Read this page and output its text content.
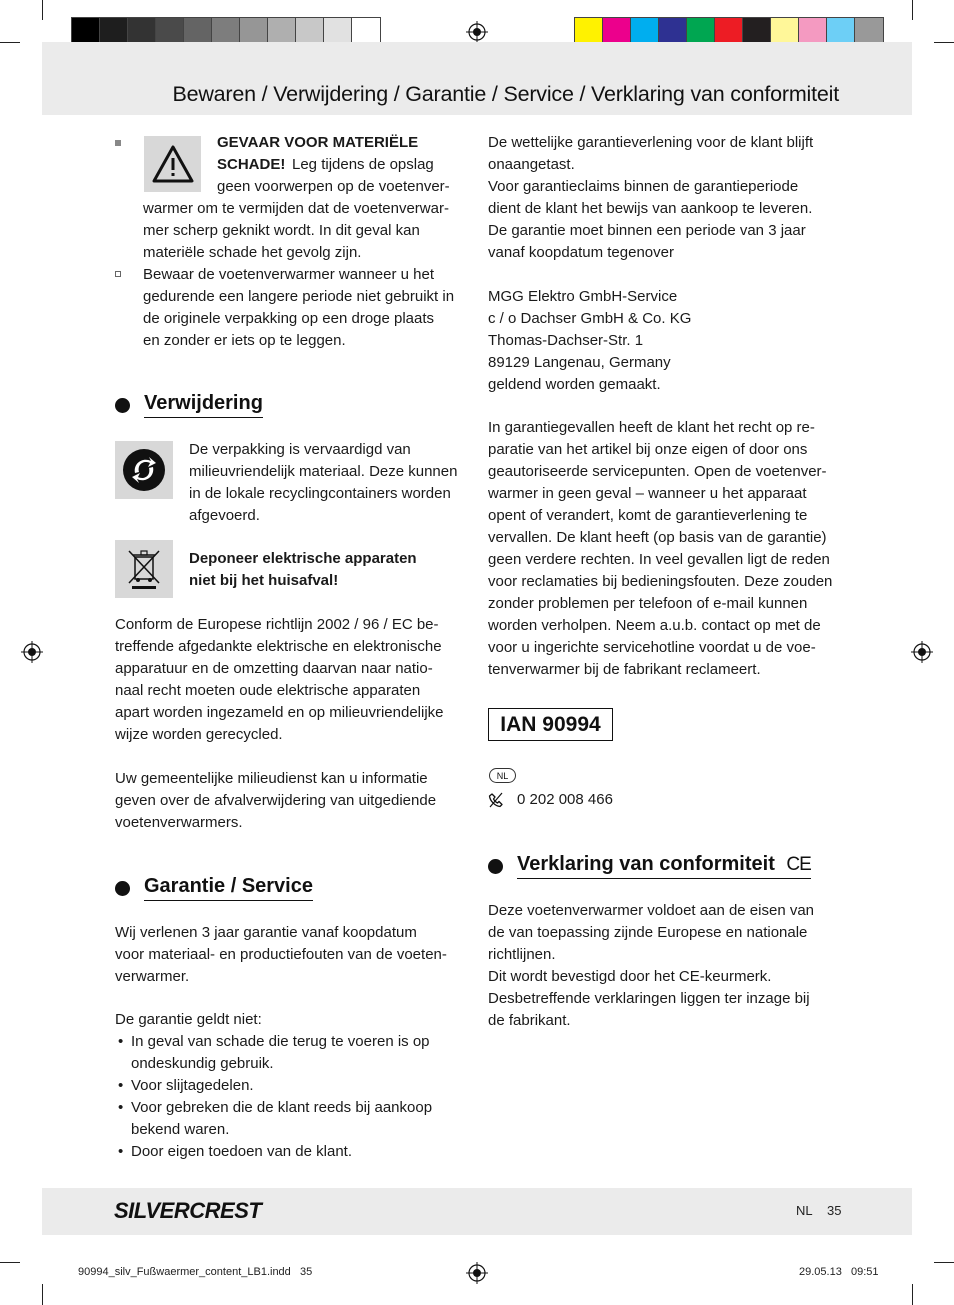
Bewaren / Verwijdering / Garantie / Service / Verklaring van conformiteit

GEVAAR VOOR MATERIËLE SCHADE! Leg tijdens de opslag
geen voorwerpen op de voetenver-
warmer om te vermijden dat de voetenverwar-
mer scherp geknikt wordt. In dit geval kan
materiële schade het gevolg zijn.

Bewaar de voetenverwarmer wanneer u het

gedurende een langere periode niet gebruikt in

de originele verpakking op een droge plaats

en zonder er iets op te leggen.

Verwijdering

De verpakking is vervaardigd van

milieuvriendelijk materiaal. Deze kunnen

in de lokale recyclingcontainers worden

afgevoerd.

Deponeer elektrische apparaten

niet bij het huisafval!

Conform de Europese richtlijn 2002 / 96 / EC be-

treffende afgedankte elektrische en elektronische

apparatuur en de omzetting daarvan naar natio-

naal recht moeten oude elektrische apparaten

apart worden ingezameld en op milieuvriendelijke

wijze worden gerecycled.

Uw gemeentelijke milieudienst kan u informatie

geven over de afvalverwijdering van uitgediende

voetenverwarmers.

Garantie / Service

Wij verlenen 3 jaar garantie vanaf koopdatum

voor materiaal- en productiefouten van de voeten-

verwarmer.

De garantie geldt niet:

• In geval van schade die terug te voeren is op
ondeskundig gebruik.
• Voor slijtagedelen.
• Voor gebreken die de klant reeds bij aankoop
bekend waren.
• Door eigen toedoen van de klant.

De wettelijke garantieverlening voor de klant blijft

onaangetast.

Voor garantieclaims binnen de garantieperiode

dient de klant het bewijs van aankoop te leveren.

De garantie moet binnen een periode van 3 jaar

vanaf koopdatum tegenover

MGG Elektro GmbH-Service

c / o Dachser GmbH & Co. KG

Thomas-Dachser-Str. 1

89129 Langenau, Germany

geldend worden gemaakt.

In garantiegevallen heeft de klant het recht op re-

paratie van het artikel bij onze eigen of door ons

geautoriseerde servicepunten. Open de voetenver-

warmer in geen geval – wanneer u het apparaat

opent of verandert, komt de garantieverlening te

vervallen. De klant heeft (op basis van de garantie)

geen verdere rechten. In veel gevallen ligt de reden

voor reclamaties bij bedieningsfouten. Deze zouden

zonder problemen per telefoon of e-mail kunnen

worden verholpen. Neem a.u.b. contact op met de

voor u ingerichte servicehotline voordat u de voe-

tenverwarmer bij de fabrikant reclameert.

IAN 90994
NL
0 202 008 466
Verklaring van conformiteit CE

Deze voetenverwarmer voldoet aan de eisen van

de van toepassing zijnde Europese en nationale

richtlijnen.

Dit wordt bevestigd door het CE-keurmerk.

Desbetreffende verklaringen liggen ter inzage bij

de fabrikant.

SILVERCREST	NL 35
90994_silv_Fußwaermer_content_LB1.indd   35	29.05.13   09:51
